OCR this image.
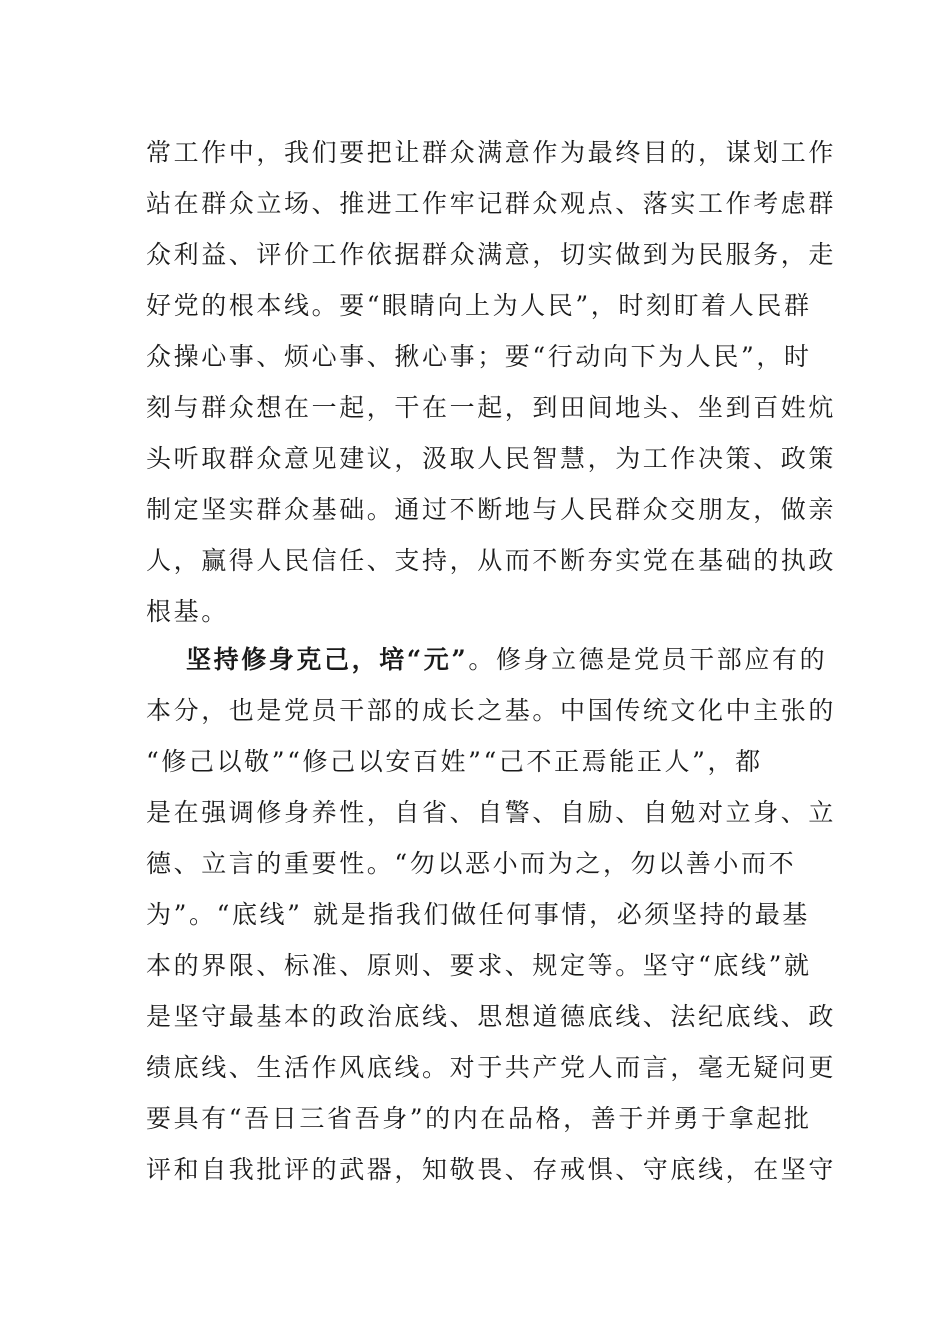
常工作中，我们要把让群众满意作为最终目的，谋划工作
站在群众立场、推进工作牢记群众观点、落实工作考虑群
众利益、评价工作依据群众满意，切实做到为民服务，走
好党的根本线。要“眼睛向上为人民”，时刻盯着人民群
众操心事、烦心事、揪心事；要“行动向下为人民”，时
刻与群众想在一起，干在一起，到田间地头、坐到百姓炕
头听取群众意见建议，汲取人民智慧，为工作决策、政策
制定坚实群众基础。通过不断地与人民群众交朋友，做亲
人，赢得人民信任、支持，从而不断夯实党在基础的执政
根基。
坚持修身克己，培“元”。修身立德是党员干部应有的
本分，也是党员干部的成长之基。中国传统文化中主张的
“修己以敬”“修己以安百姓”“己不正焉能正人”，都
是在强调修身养性，自省、自警、自励、自勉对立身、立
德、立言的重要性。“勿以恶小而为之，勿以善小而不
为”。“底线” 就是指我们做任何事情，必须坚持的最基
本的界限、标准、原则、要求、规定等。坚守“底线”就
是坚守最基本的政治底线、思想道德底线、法纪底线、政
绩底线、生活作风底线。对于共产党人而言，毫无疑问更
要具有“吾日三省吾身”的内在品格，善于并勇于拿起批
评和自我批评的武器，知敬畏、存戒惧、守底线，在坚守
